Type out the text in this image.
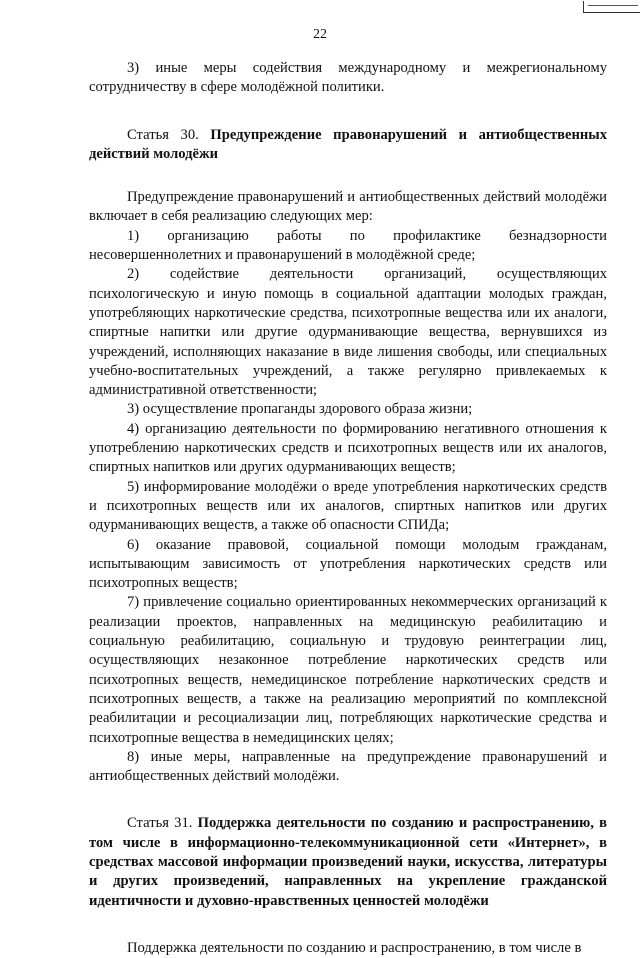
22

3) иные меры содействия международному и межрегиональному сотрудничеству в сфере молодёжной политики.

Статья 30. Предупреждение правонарушений и антиобщественных действий молодёжи

Предупреждение правонарушений и антиобщественных действий молодёжи включает в себя реализацию следующих мер:

1) организацию работы по профилактике безнадзорности несовершеннолетних и правонарушений в молодёжной среде;

2) содействие деятельности организаций, осуществляющих психологическую и иную помощь в социальной адаптации молодых граждан, употребляющих наркотические средства, психотропные вещества или их аналоги, спиртные напитки или другие одурманивающие вещества, вернувшихся из учреждений, исполняющих наказание в виде лишения свободы, или специальных учебно-воспитательных учреждений, а также регулярно привлекаемых к административной ответственности;

3) осуществление пропаганды здорового образа жизни;

4) организацию деятельности по формированию негативного отношения к употреблению наркотических средств и психотропных веществ или их аналогов, спиртных напитков или других одурманивающих веществ;

5) информирование молодёжи о вреде употребления наркотических средств и психотропных веществ или их аналогов, спиртных напитков или других одурманивающих веществ, а также об опасности СПИДа;

6) оказание правовой, социальной помощи молодым гражданам, испытывающим зависимость от употребления наркотических средств или психотропных веществ;

7) привлечение социально ориентированных некоммерческих организаций к реализации проектов, направленных на медицинскую реабилитацию и социальную реабилитацию, социальную и трудовую реинтеграции лиц, осуществляющих незаконное потребление наркотических средств или психотропных веществ, немедицинское потребление наркотических средств и психотропных веществ, а также на реализацию мероприятий по комплексной реабилитации и ресоциализации лиц, потребляющих наркотические средства и психотропные вещества в немедицинских целях;

8) иные меры, направленные на предупреждение правонарушений и антиобщественных действий молодёжи.

Статья 31. Поддержка деятельности по созданию и распространению, в том числе в информационно-телекоммуникационной сети «Интернет», в средствах массовой информации произведений науки, искусства, литературы и других произведений, направленных на укрепление гражданской идентичности и духовно-нравственных ценностей молодёжи

Поддержка деятельности по созданию и распространению, в том числе в
